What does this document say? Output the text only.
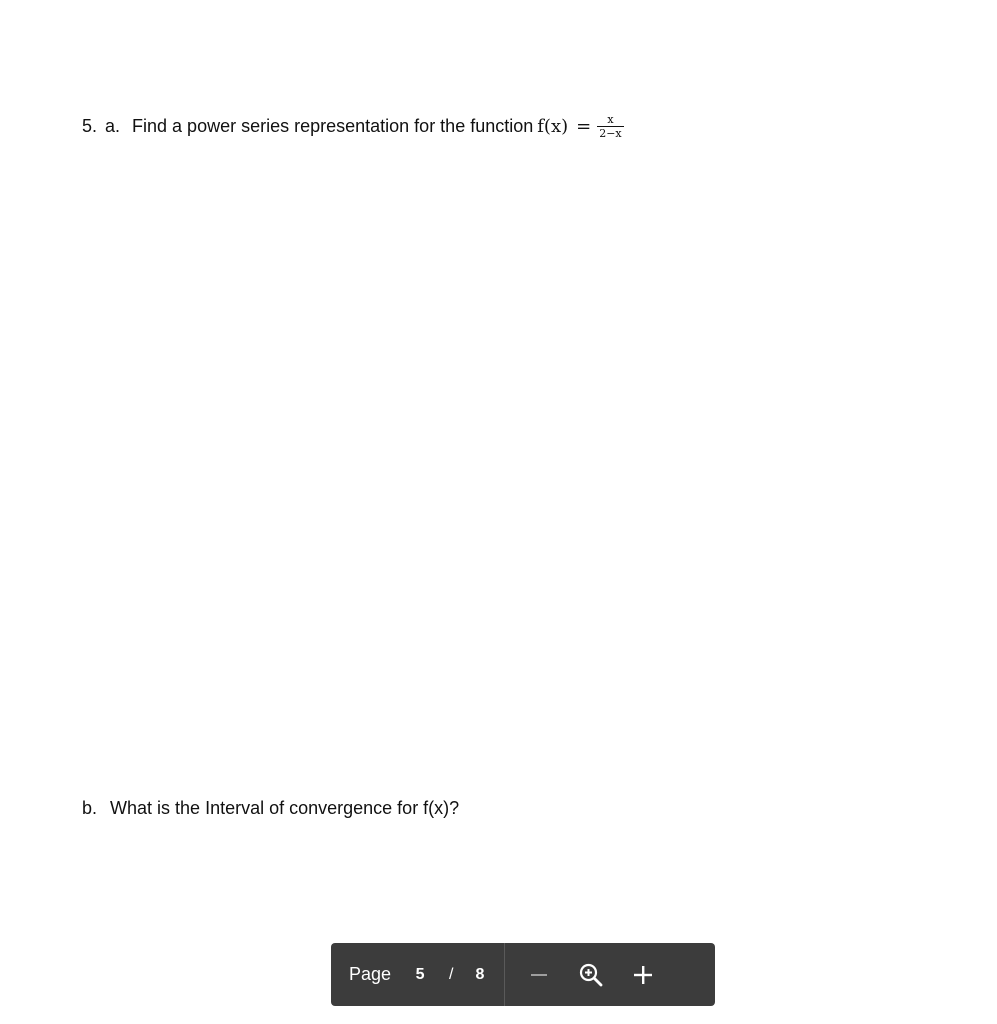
5. a. Find a power series representation for the function $f(x) = \frac{x}{2-x}$
b. What is the Interval of convergence for f(x)?
Page 5 / 8
